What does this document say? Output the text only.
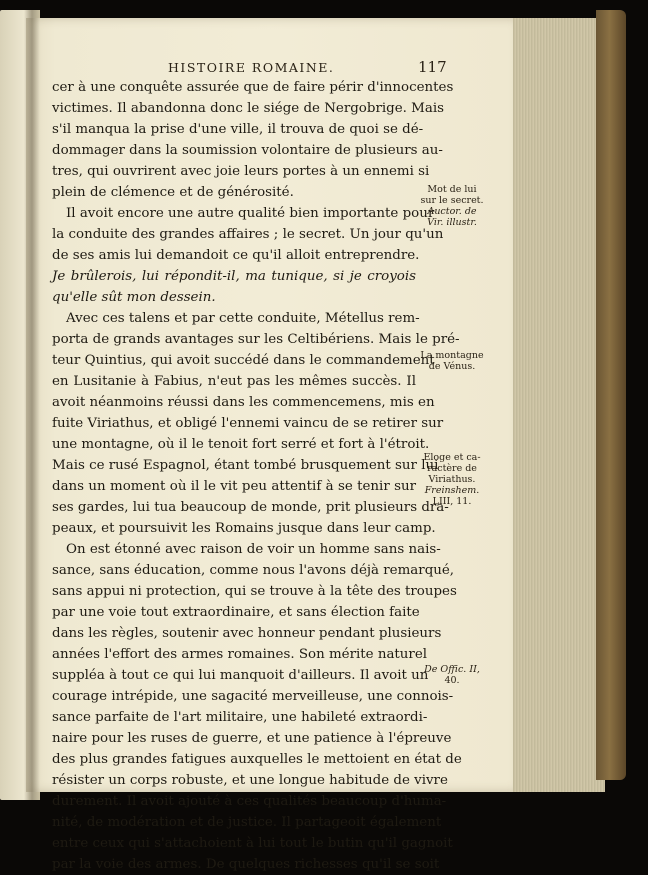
HISTOIRE ROMAINE.	117
cer à une conquête assurée que de faire périr d'innocentes
victimes. Il abandonna donc le siége de Nergobrige. Mais
s'il manqua la prise d'une ville, il trouva de quoi se dé-
dommager dans la soumission volontaire de plusieurs au-
tres, qui ouvrirent avec joie leurs portes à un ennemi si
plein de clémence et de générosité.
Il avoit encore une autre qualité bien importante pour
la conduite des grandes affaires ; le secret. Un jour qu'un
de ses amis lui demandoit ce qu'il alloit entreprendre.
Je brûlerois, lui répondit-il, ma tunique, si je croyois
qu'elle sût mon dessein.
Avec ces talens et par cette conduite, Métellus rem-
porta de grands avantages sur les Celtibériens. Mais le pré-
teur Quintius, qui avoit succédé dans le commandement
en Lusitanie à Fabius, n'eut pas les mêmes succès. Il
avoit néanmoins réussi dans les commencemens, mis en
fuite Viriathus, et obligé l'ennemi vaincu de se retirer sur
une montagne, où il le tenoit fort serré et fort à l'étroit.
Mais ce rusé Espagnol, étant tombé brusquement sur lui
dans un moment où il le vit peu attentif à se tenir sur
ses gardes, lui tua beaucoup de monde, prit plusieurs dra-
peaux, et poursuivit les Romains jusque dans leur camp.
On est étonné avec raison de voir un homme sans nais-
sance, sans éducation, comme nous l'avons déjà remarqué,
sans appui ni protection, qui se trouve à la tête des troupes
par une voie tout extraordinaire, et sans élection faite
dans les règles, soutenir avec honneur pendant plusieurs
années l'effort des armes romaines. Son mérite naturel
suppléa à tout ce qui lui manquoit d'ailleurs. Il avoit un
courage intrépide, une sagacité merveilleuse, une connois-
sance parfaite de l'art militaire, une habileté extraordi-
naire pour les ruses de guerre, et une patience à l'épreuve
des plus grandes fatigues auxquelles le mettoient en état de
résister un corps robuste, et une longue habitude de vivre
durement. Il avoit ajouté à ces qualités beaucoup d'huma-
nité, de modération et de justice. Il partageoit également
entre ceux qui s'attachoient à lui tout le butin qu'il gagnoit
par la voie des armes. De quelques richesses qu'il se soit
Mot de lui
sur le secret.
Auctor. de
Vir. illustr.
La montagne
de Vénus.
Eloge et ca-
ractère de
Viriathus.
Freinshem.
LIII, 11.
De Offic. II,
40.
